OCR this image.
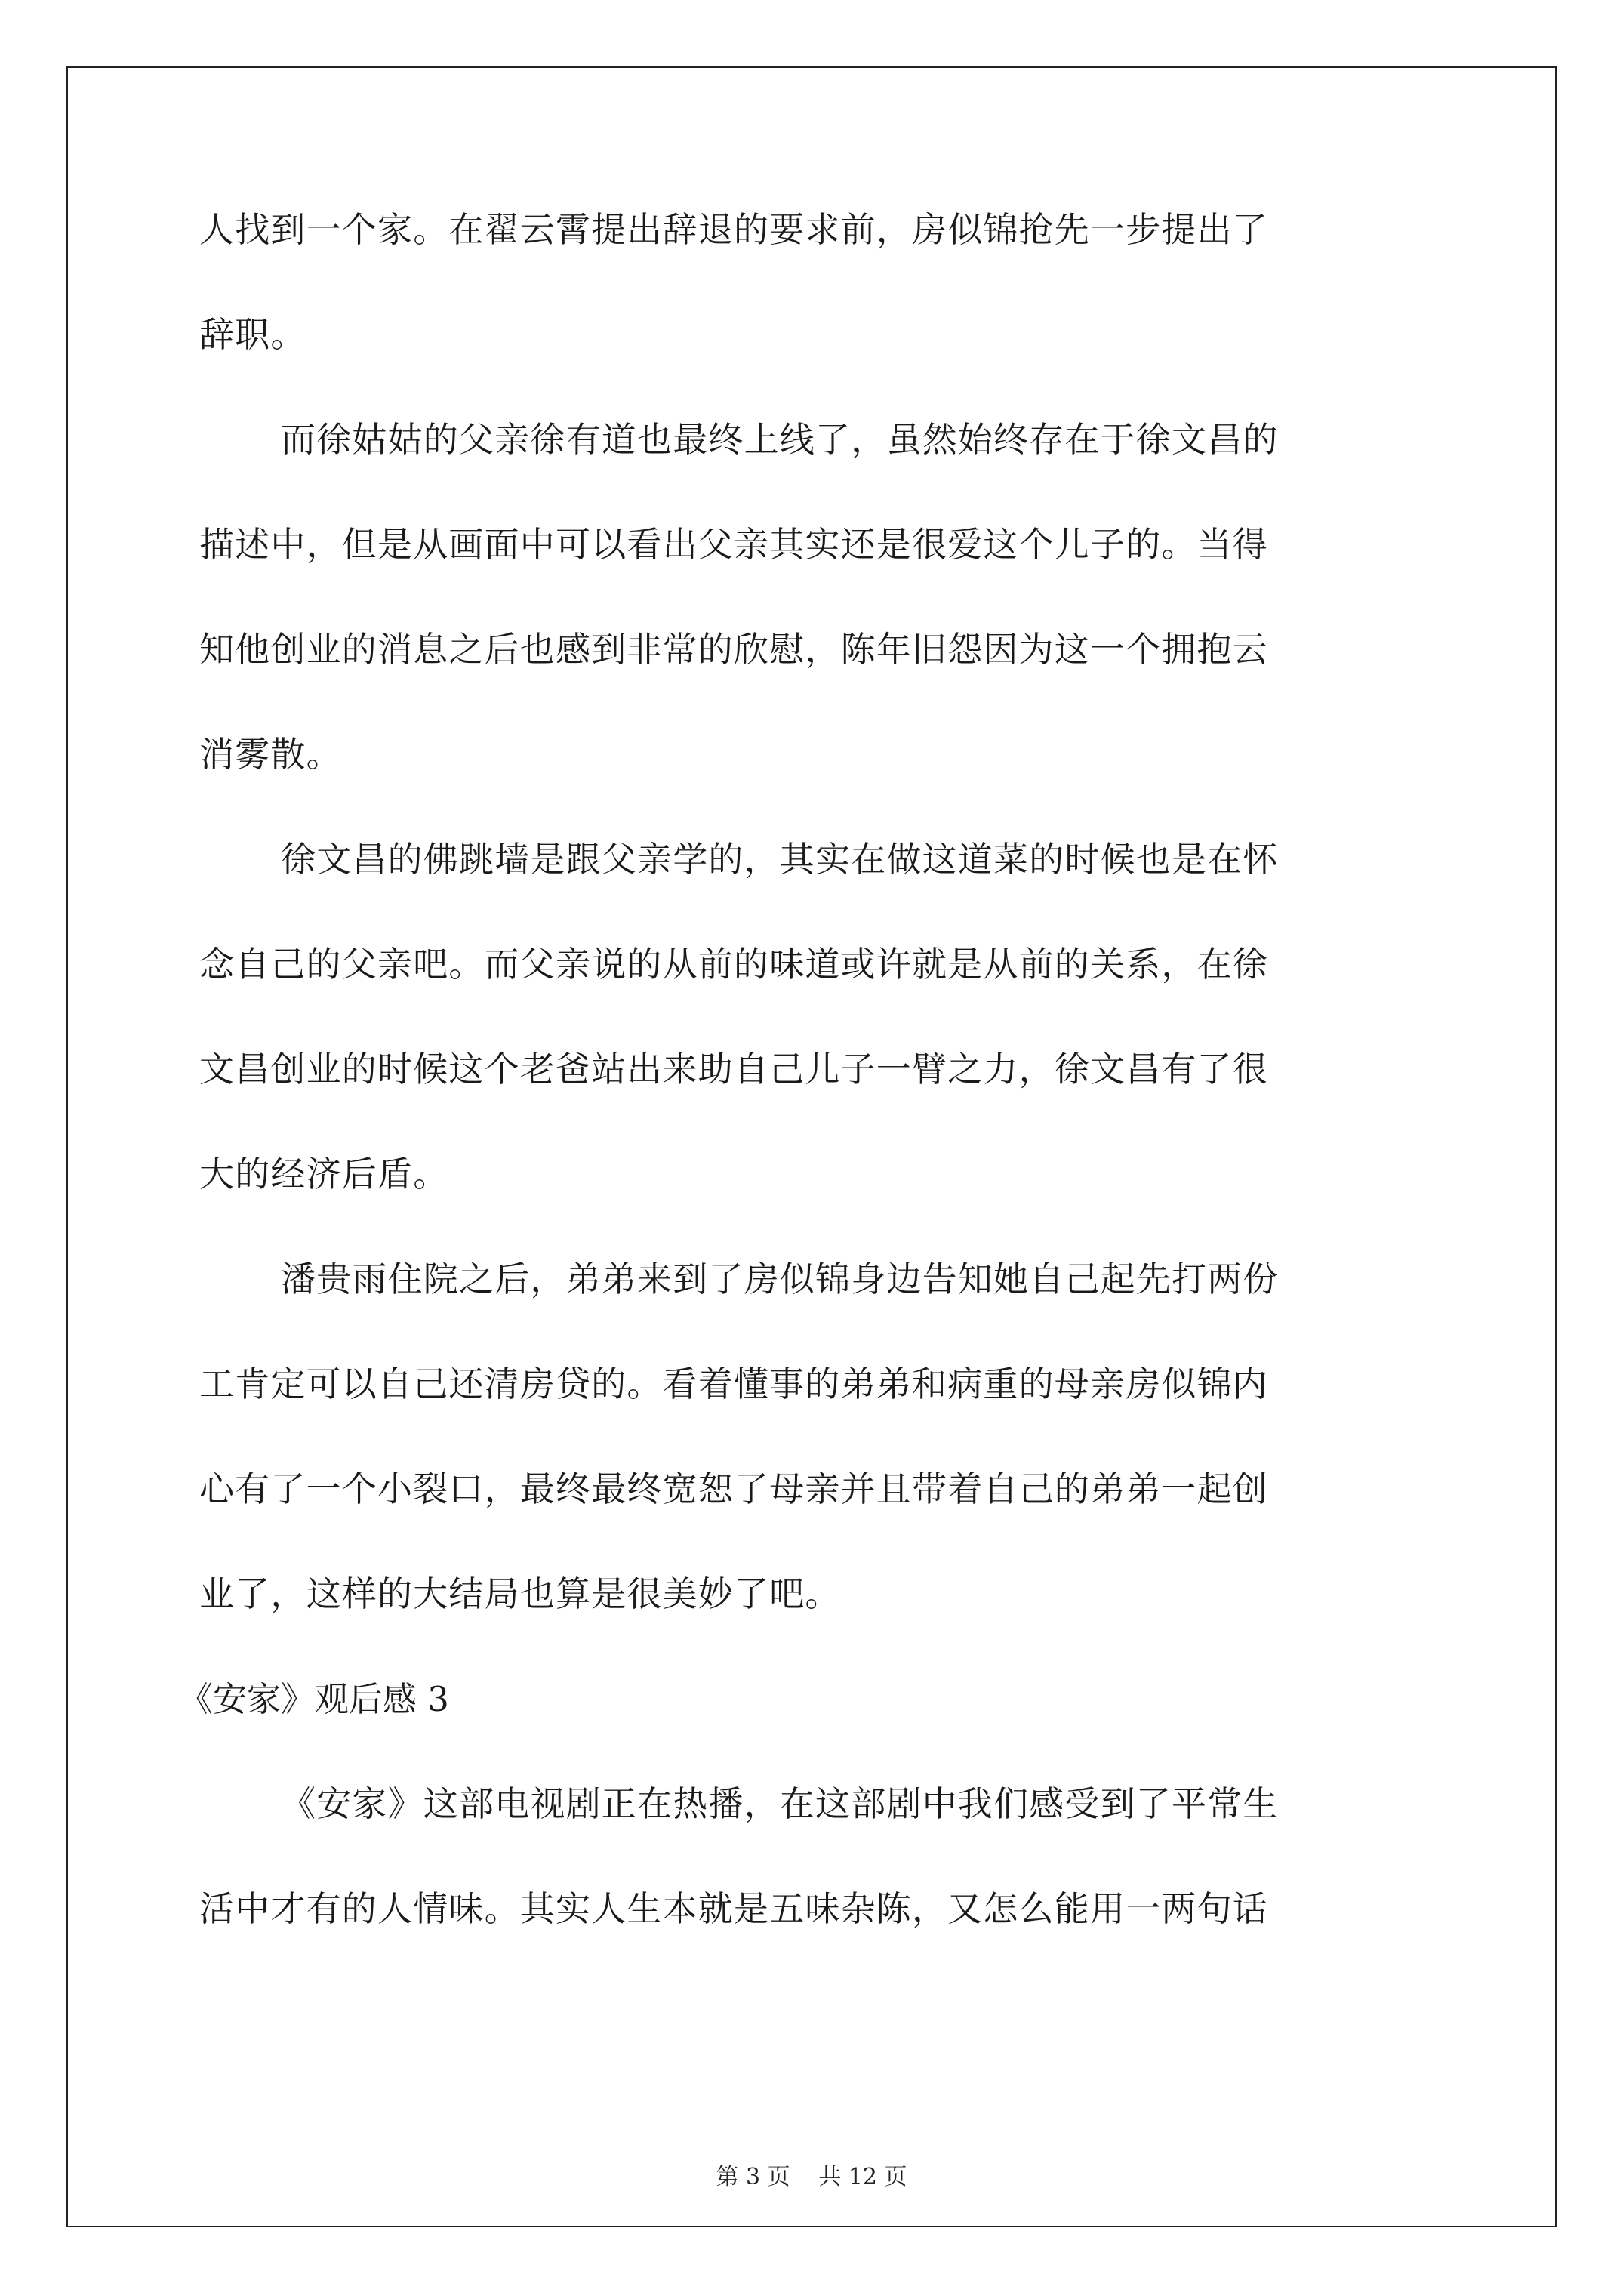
人找到一个家。在翟云霄提出辞退的要求前，房似锦抢先一步提出了
辞职。
而徐姑姑的父亲徐有道也最终上线了，虽然始终存在于徐文昌的
描述中，但是从画面中可以看出父亲其实还是很爱这个儿子的。当得
知他创业的消息之后也感到非常的欣慰，陈年旧怨因为这一个拥抱云
消雾散。
徐文昌的佛跳墙是跟父亲学的，其实在做这道菜的时候也是在怀
念自己的父亲吧。而父亲说的从前的味道或许就是从前的关系，在徐
文昌创业的时候这个老爸站出来助自己儿子一臂之力，徐文昌有了很
大的经济后盾。
潘贵雨住院之后，弟弟来到了房似锦身边告知她自己起先打两份
工肯定可以自己还清房贷的。看着懂事的弟弟和病重的母亲房似锦内
心有了一个小裂口，最终最终宽恕了母亲并且带着自己的弟弟一起创
业了，这样的大结局也算是很美妙了吧。
《安家》观后感 3
《安家》这部电视剧正在热播，在这部剧中我们感受到了平常生
活中才有的人情味。其实人生本就是五味杂陈，又怎么能用一两句话
第 3 页 共 12 页
